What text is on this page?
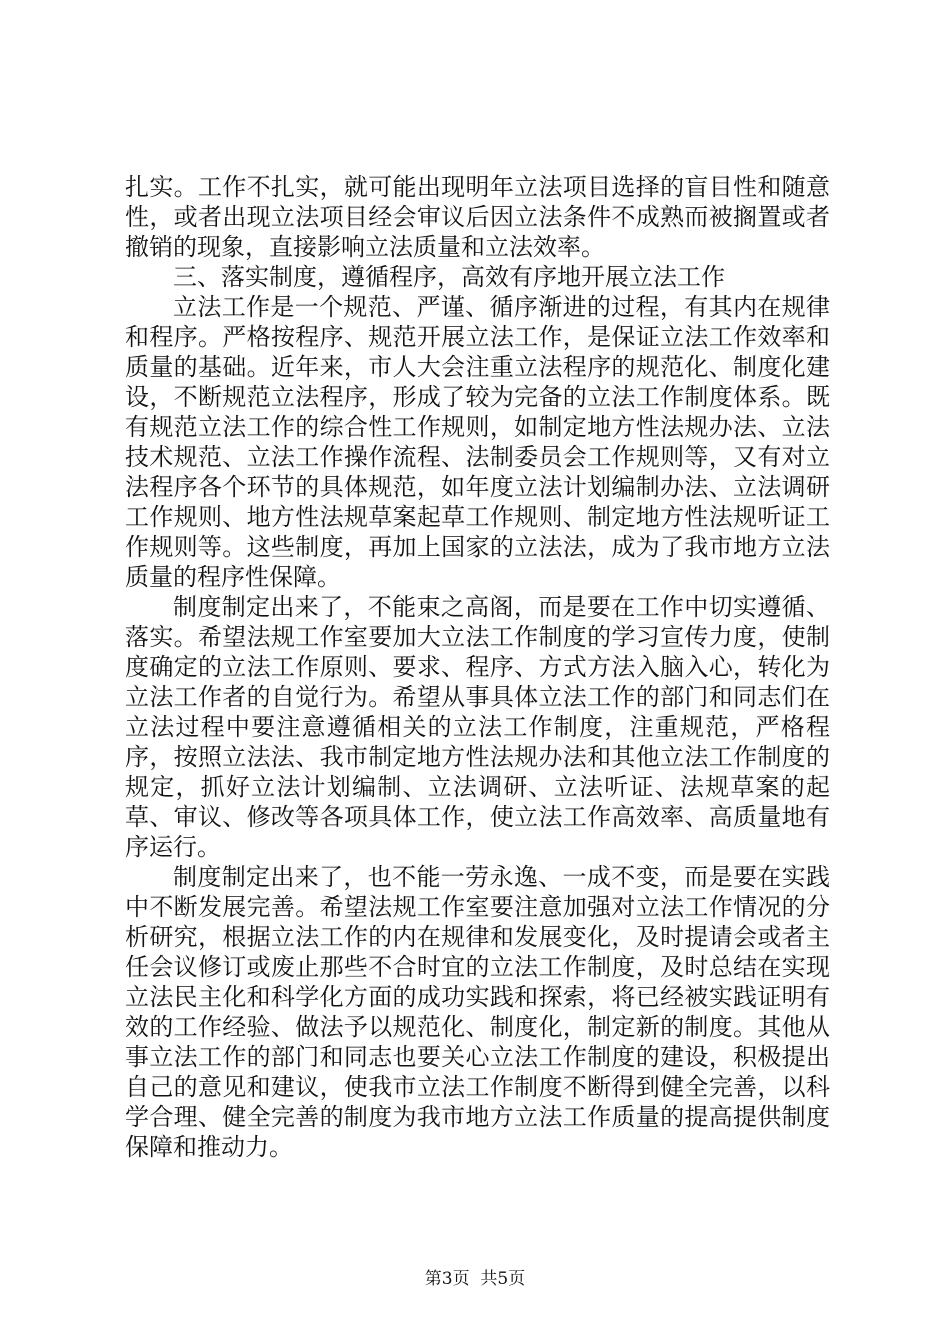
扎实。工作不扎实，就可能出现明年立法项目选择的盲目性和随意性，或者出现立法项目经会审议后因立法条件不成熟而被搁置或者撤销的现象，直接影响立法质量和立法效率。

三、落实制度，遵循程序，高效有序地开展立法工作

立法工作是一个规范、严谨、循序渐进的过程，有其内在规律和程序。严格按程序、规范开展立法工作，是保证立法工作效率和质量的基础。近年来，市人大会注重立法程序的规范化、制度化建设，不断规范立法程序，形成了较为完备的立法工作制度体系。既有规范立法工作的综合性工作规则，如制定地方性法规办法、立法技术规范、立法工作操作流程、法制委员会工作规则等，又有对立法程序各个环节的具体规范，如年度立法计划编制办法、立法调研工作规则、地方性法规草案起草工作规则、制定地方性法规听证工作规则等。这些制度，再加上国家的立法法，成为了我市地方立法质量的程序性保障。

制度制定出来了，不能束之高阁，而是要在工作中切实遵循、落实。希望法规工作室要加大立法工作制度的学习宣传力度，使制度确定的立法工作原则、要求、程序、方式方法入脑入心，转化为立法工作者的自觉行为。希望从事具体立法工作的部门和同志们在立法过程中要注意遵循相关的立法工作制度，注重规范，严格程序，按照立法法、我市制定地方性法规办法和其他立法工作制度的规定，抓好立法计划编制、立法调研、立法听证、法规草案的起草、审议、修改等各项具体工作，使立法工作高效率、高质量地有序运行。

制度制定出来了，也不能一劳永逸、一成不变，而是要在实践中不断发展完善。希望法规工作室要注意加强对立法工作情况的分析研究，根据立法工作的内在规律和发展变化，及时提请会或者主任会议修订或废止那些不合时宜的立法工作制度，及时总结在实现立法民主化和科学化方面的成功实践和探索，将已经被实践证明有效的工作经验、做法予以规范化、制度化，制定新的制度。其他从事立法工作的部门和同志也要关心立法工作制度的建设，积极提出自己的意见和建议，使我市立法工作制度不断得到健全完善，以科学合理、健全完善的制度为我市地方立法工作质量的提高提供制度保障和推动力。

第3页  共5页
